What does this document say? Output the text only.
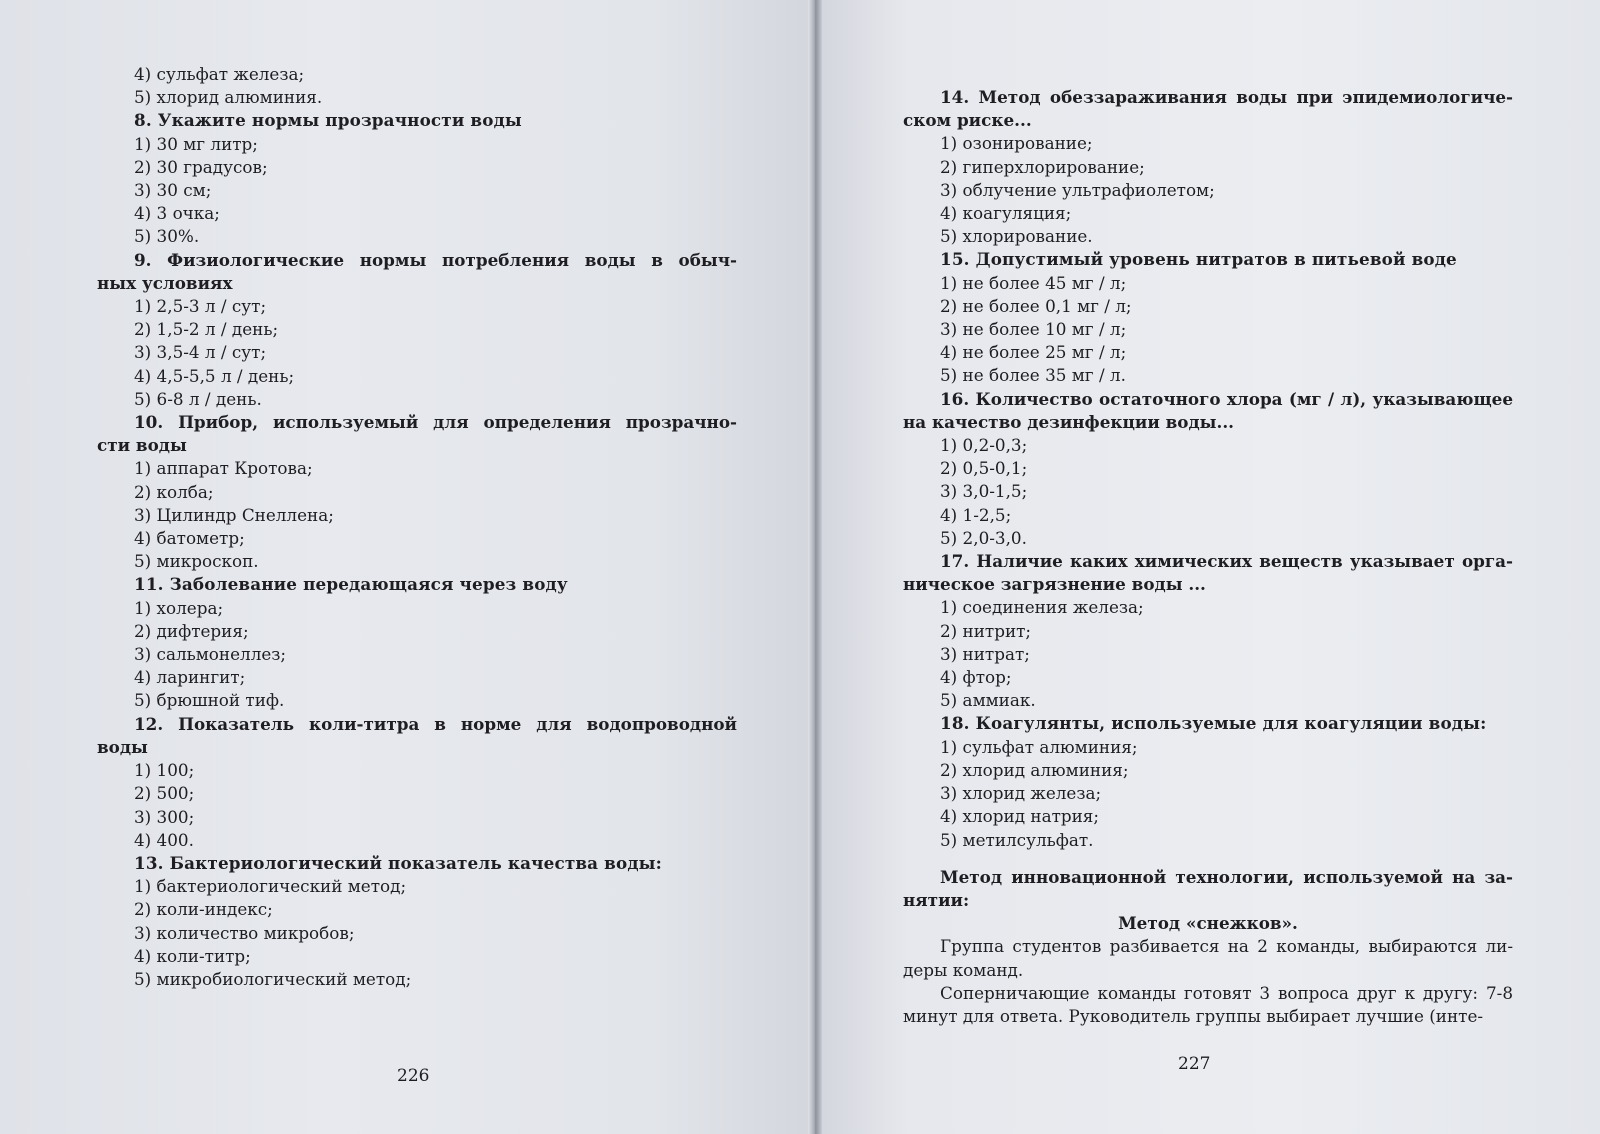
4) сульфат железа;
5) хлорид алюминия.
8. Укажите нормы прозрачности воды
1) 30 мг литр;
2) 30 градусов;
3) 30 см;
4) 3 очка;
5) 30%.
9. Физиологические нормы потребления воды в обыч-
ных условиях
1) 2,5-3 л / сут;
2) 1,5-2 л / день;
3) 3,5-4 л / сут;
4) 4,5-5,5 л / день;
5) 6-8 л / день.
10. Прибор, используемый для определения прозрачно-
сти воды
1) аппарат Кротова;
2) колба;
3) Цилиндр Снеллена;
4) батометр;
5) микроскоп.
11. Заболевание передающаяся через воду
1) холера;
2) дифтерия;
3) сальмонеллез;
4) ларингит;
5) брюшной тиф.
12. Показатель коли-титра в норме для водопроводной
воды
1) 100;
2) 500;
3) 300;
4) 400.
13. Бактериологический показатель качества воды:
1) бактериологический метод;
2) коли-индекс;
3) количество микробов;
4) коли-титр;
5) микробиологический метод;
226
14. Метод обеззараживания воды при эпидемиологиче-
ском риске...
1) озонирование;
2) гиперхлорирование;
3) облучение ультрафиолетом;
4) коагуляция;
5) хлорирование.
15. Допустимый уровень нитратов в питьевой воде
1) не более 45 мг / л;
2) не более 0,1 мг / л;
3) не более 10 мг / л;
4) не более 25 мг / л;
5) не более 35 мг / л.
16. Количество остаточного хлора (мг / л), указывающее
на качество дезинфекции воды...
1) 0,2-0,3;
2) 0,5-0,1;
3) 3,0-1,5;
4) 1-2,5;
5) 2,0-3,0.
17. Наличие каких химических веществ указывает орга-
ническое загрязнение воды ...
1) соединения железа;
2) нитрит;
3) нитрат;
4) фтор;
5) аммиак.
18. Коагулянты, используемые для коагуляции воды:
1) сульфат алюминия;
2) хлорид алюминия;
3) хлорид железа;
4) хлорид натрия;
5) метилсульфат.
Метод инновационной технологии, используемой на за-
нятии:
Метод «снежков».
Группа студентов разбивается на 2 команды, выбираются ли-
деры команд.
Соперничающие команды готовят 3 вопроса друг к другу: 7-8
минут для ответа. Руководитель группы выбирает лучшие (инте-
227
